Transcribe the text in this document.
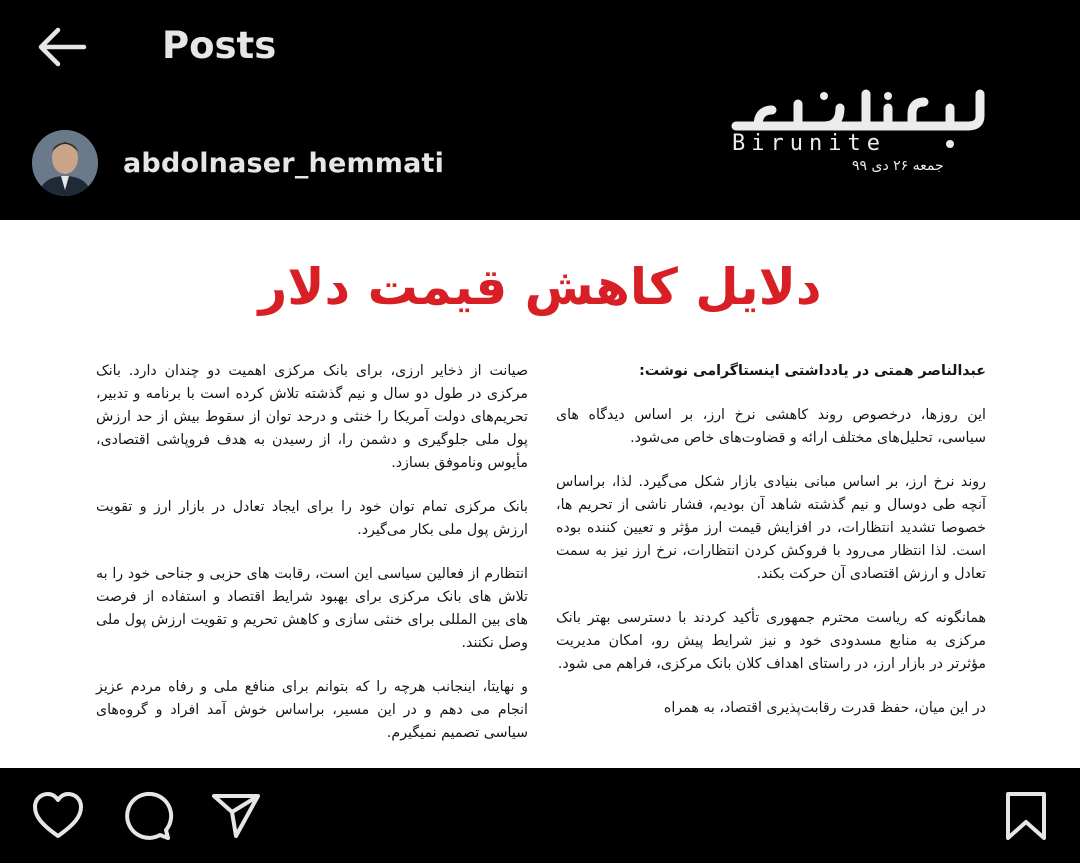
Posts
abdolnaser_hemmati
Birunite
جمعه ۲۶ دی ۹۹
دلایل کاهش قیمت دلار

عبدالناصر همتی در یادداشتی اینستاگرامی نوشت:

این روزها، درخصوص روند کاهشی نرخ ارز، بر اساس دیدگاه های سیاسی، تحلیل‌های مختلف ارائه و قضاوت‌های خاص می‌شود.

روند نرخ ارز، بر اساس مبانی بنیادی بازار شکل می‌گیرد. لذا، براساس آنچه طی دوسال و نیم گذشته شاهد آن بودیم، فشار ناشی از تحریم ها، خصوصا تشدید انتظارات، در افزایش قیمت ارز مؤثر و تعیین کننده بوده است. لذا انتظار می‌رود با فروکش کردن انتظارات، نرخ ارز نیز به سمت تعادل و ارزش اقتصادی آن حرکت بکند.

همانگونه که ریاست محترم جمهوری تأکید کردند با دسترسی بهتر بانک مرکزی به منابع مسدودی خود و نیز شرایط پیش رو، امکان مدیریت مؤثرتر در بازار ارز، در راستای اهداف کلان بانک مرکزی، فراهم می شود.

در این میان، حفظ قدرت رقابت‌پذیری اقتصاد، به همراه

صیانت از ذخایر ارزی، برای بانک مرکزی اهمیت دو چندان دارد. بانک مرکزی در طول دو سال و نیم گذشته تلاش کرده است با برنامه و تدبیر، تحریم‌های دولت آمریکا را خنثی و درحد توان از سقوط بیش از حد ارزش پول ملی جلوگیری و دشمن را، از رسیدن به هدف فروپاشی اقتصادی، مأیوس وناموفق بسازد.

بانک مرکزی تمام توان خود را برای ایجاد تعادل در بازار ارز و تقویت ارزش پول ملی بکار می‌گیرد.

انتظارم از فعالین سیاسی این است، رقابت های حزبی و جناحی خود را به تلاش های بانک مرکزی برای بهبود شرایط اقتصاد و استفاده از فرصت های بین المللی برای خنثی سازی و کاهش تحریم و تقویت ارزش پول ملی وصل نکنند.

و نهایتا، اینجانب هرچه را که بتوانم برای منافع ملی و رفاه مردم عزیز انجام می دهم و در این مسیر، براساس خوش آمد افراد و گروه‌های سیاسی تصمیم نمیگیرم.
